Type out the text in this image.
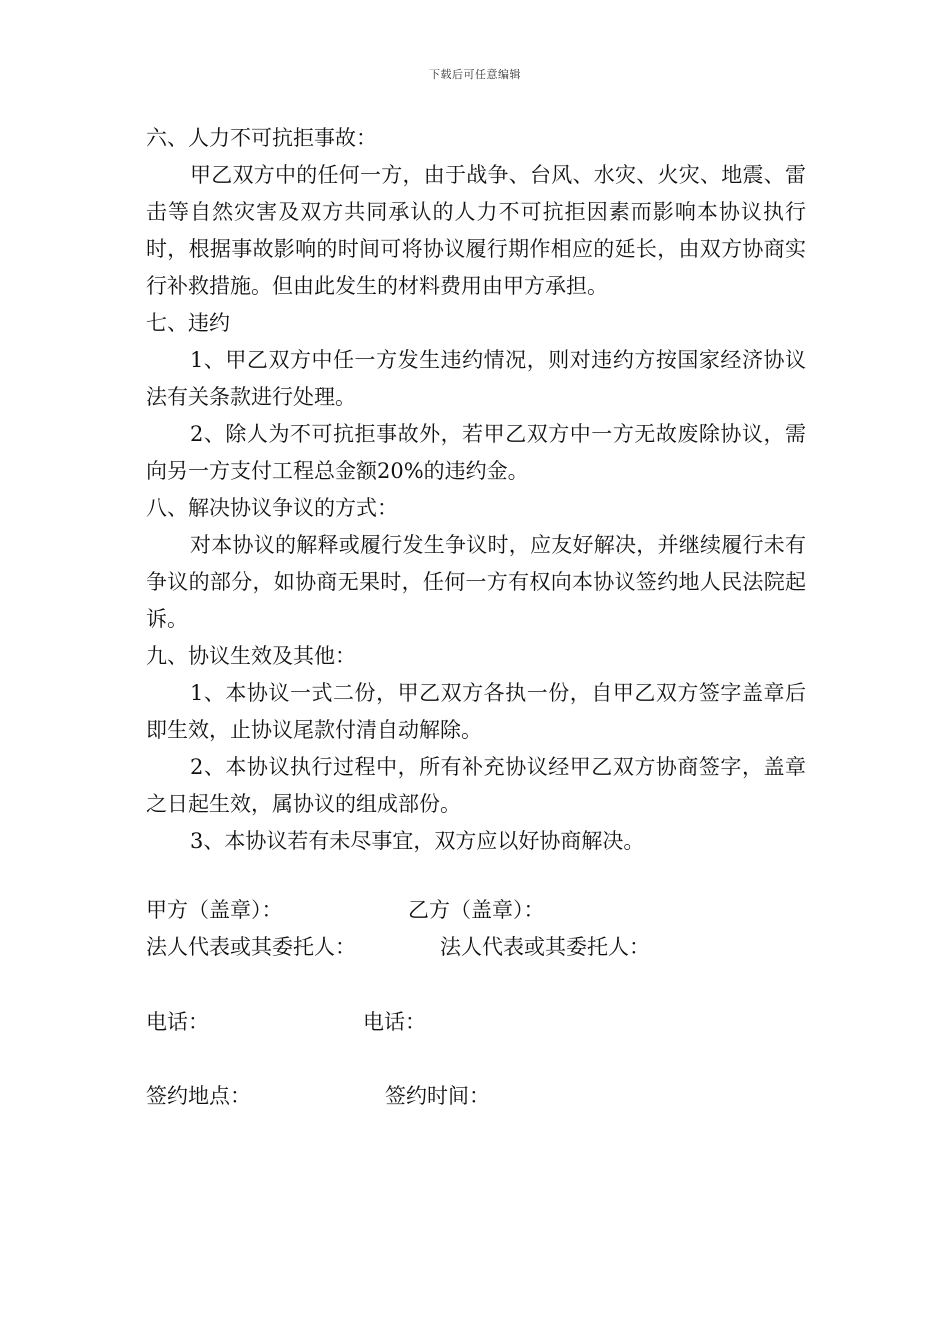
下载后可任意编辑

六、人力不可抗拒事故：

甲乙双方中的任何一方，由于战争、台风、水灾、火灾、地震、雷击等自然灾害及双方共同承认的人力不可抗拒因素而影响本协议执行时，根据事故影响的时间可将协议履行期作相应的延长，由双方协商实行补救措施。但由此发生的材料费用由甲方承担。

七、违约

1、甲乙双方中任一方发生违约情况，则对违约方按国家经济协议法有关条款进行处理。

2、除人为不可抗拒事故外，若甲乙双方中一方无故废除协议，需向另一方支付工程总金额20%的违约金。

八、解决协议争议的方式：

对本协议的解释或履行发生争议时，应友好解决，并继续履行未有争议的部分，如协商无果时，任何一方有权向本协议签约地人民法院起诉。

九、协议生效及其他：

1、本协议一式二份，甲乙双方各执一份，自甲乙双方签字盖章后即生效，止协议尾款付清自动解除。

2、本协议执行过程中，所有补充协议经甲乙双方协商签字，盖章之日起生效，属协议的组成部份。

3、本协议若有未尽事宜，双方应以好协商解决。

甲方（盖章）：	乙方（盖章）：
法人代表或其委托人：	法人代表或其委托人：
电话：	电话：
签约地点：	签约时间：
